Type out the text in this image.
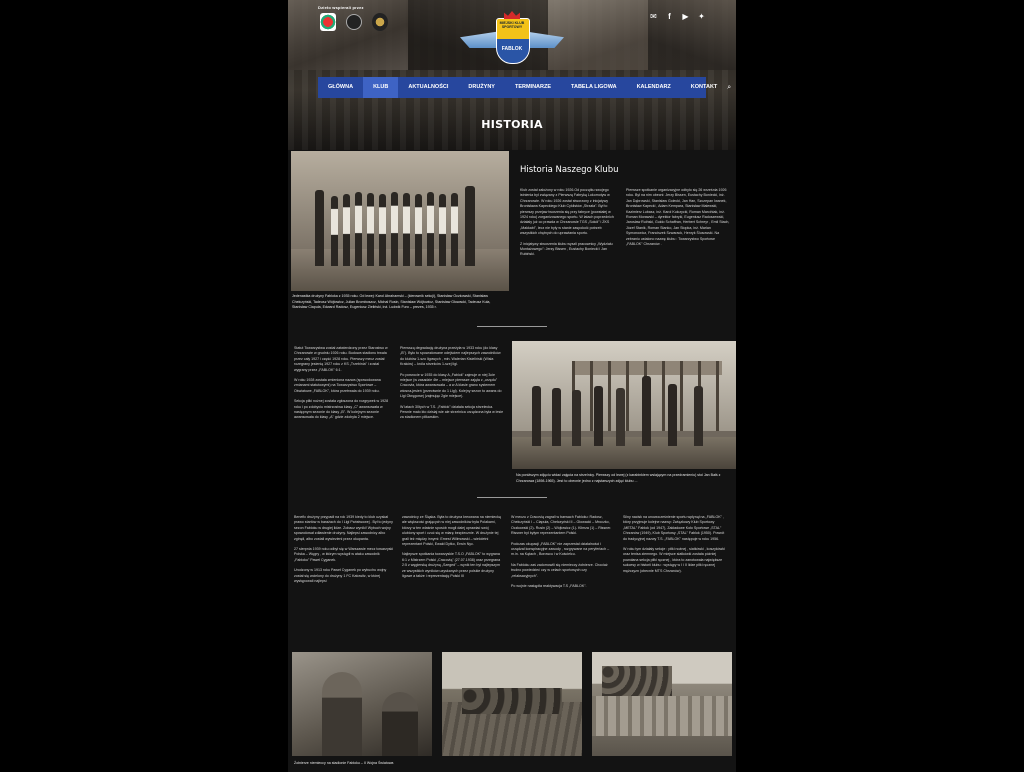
Dzieło wspierali przez
✉	f	▶ ✦
MIEJSKI KLUB SPORTOWY
FABLOK
GŁÓWNA	KLUB	AKTUALNOŚCI	DRUŻYNY	TERMINARZE	TABELA LIGOWA	KALENDARZ	KONTAKT	⌕
HISTORIA
Jedenastka drużyny Fabloka z 1935 roku. Od lewej: Karol Abrahamski – (kierownik sekcji), Stanisław Oczkowski, Stanisław Chełczyński, Tadeusz Wójtowicz, Julian Bromboszcz, Michał Rusin, Stanisław Wójtowicz, Stanisław Głowacki, Tadeusz Kula, Stanisław Ciapuła, Edward Radosz, Eugeniusz Zieliński, inż. Ludwik Furo – prezes, 1935 r.
Historia Naszego Klubu

Klub został założony w roku 1926.Od początku swojego istnienia był związany z Pierwszą Fabryką Lokomotyw w Chrzanowie. W roku 1926 został stworzony z inicjatywy Bronisława Kapeckiego Klub Cyklistów „Strzała". Był to pierwszy przejaw tworzenia się przy fabryce (powstałej w 1924 roku) zorganizowanego sportu. W latach poprzednich działały już co prawda w Chrzanowie TGS „Sokół" i ŻKS „Makkabi", lecz nie były w stanie zaspokoić potrzeb wszystkich chętnych do uprawiania sportu.

Z inicjatywy stworzenia klubu wyszli pracownicy „Wydziału Montażowego": Jerzy Bissen , Eustachy Boniecki i Jan Rubiński.

Pierwsze spotkanie organizacyjne odbyło się 26 września 1926 roku. Był na nim obecni: Jerzy Bissen, Eustachy Boniecki, inż. Jan Dąbrowski, Stanisław Golecki, Jan Han, Szczepan Iwanek, Bronisław Kapecki , Adam Kempara, Stanisław Malewski, Kazimierz Lubasz, inż. Karol Kulczycki, Roman Marcińiak, inż. Roman Morawski – dyrektor fabryki, Eugeniusz Radoszewski, Jarosław Rulński, Guido Schaffran, Herbert Schreyr , Emil Stach, Józef Stanik, Roman Stanko, Jan Stopka, inż. Marian Symonowicz, Franciszek Szwarack, Henryk Ślusowski. Na zebraniu ustalono nazwę klubu : Towarzystwo Sportowe „FABLOK" Chrzanów .

Statut Towarzystwa został zatwierdzony przez Starostwo w Chrzanowie w grudniu 1926 roku. Budowa stadionu trwała przez cały 1927 i część 1928 roku. Pierwszy mecz został rozegrany jesienią 1927 roku z KS „Trzebinia" i został wygrany przez „FABLOK" 6:1.

W roku 1928 została zmieniona nazwa (spowodowana zmianami statutowymi) na Towarzystwo Sportowe – Oświatowe „FABLOK", która przetrwała do 1939 roku.

Sekcja piłki nożnej została zgłoszona do rozgrywek w 1928 roku i po zdobyciu mistrzostwa klasy „C" awansowała w następnym sezonie do klasy „B". W kolejnym sezonie awansowała do klasy „A" gdzie zdobyła 2 miejsce.

Pierwszą degradację drużyna przeżyła w 1933 roku (do klasy „B"). Było to spowodowane odejściem najlepszych zawodników do klubów 1-szo ligowych , min. Walerian Kisieliński (Wisła Kraków) – króla strzelców 1-szej ligi.

Po powrocie w 1935 do klasy A „Fablok" zajmuje w niej 3cie miejsce (w zasadzie 4te – miejsce pierwsze zajęła z „urzędu" Cracovia, która awansowała – a w A klasie grano systemem wiosna-jesień (przeciwnie do 1 Ligi). Kolejny sezon to awans do Ligi Okręgowej (zajmując 2gie miejsce).

W latach 30tych w T.S. „Fablok" działała sekcja strzelecka. Pewnie mało kto dzisiaj wie ale strzelnica urządzona była w lesie za stadionem piłkarskim.

Na poniższym zdjęciu widać zajęcia na strzelnicy. Pierwszy od lewej (z karabinkiem wsiającym na przedramieniu) stoi Jan Bałś z Chrzanowa (1898-1965). Jest to obecnie jedno z najstarszych zdjęć klubu ...

Benefic drużyny przypadł na rok 1939 kiedy to klub uzyskał prawo startów w barażach do I Ligi Państwowej . Był to jedyny sezon Fabloku w drugiej lidze. Zobacz wyniki! Wybuch wojny spowodował zdławienie drużyny. Najlepsi zawodnicy albo zginęli, albo zostali wywiezieni przez okupanta.

27 sierpnia 1939 roku odbył się w Warszawie mecz towarzyski Polska – Węgry , w którym wystąpił w ataku zawodnik „Fabloku" Paweł Cyganek.

Urodzony w 1913 roku Paweł Cyganek po wybuchu wojny został się wcielony do drużyny 1 FC Katowitz, w której występowali najlepsi

zawodnicy ze Śląska. Była to drużyna kreowana na niemiecką ale większość grających w niej zawodników była Polakami, którzy w ten właśnie sposób mogli dalej uprawiać swój ulubiony sport i czuć się w miarę bezpiecznie. W drużynie tej grali też między innymi: Ernest Wilimowski – wieloletni reprezentant Polski, Ewald Dytko, Erwin Nyc.

Najlepsze spotkania towarzyskie T.S.O „FABLOK" to wygrana 6:1 z Mistrzem Polski „Cracovią" (27.07.1938) oraz przegrana 2:5 z węgierską drużyną „Szeged" – wynik ten był najlepszym ze wszystkich wyników uzyskanych przez polskie drużyny ligowe a także i reprezentację Polski III

W meczu z Cracovią zagrali w barwach Fabloku: Radosz, Chełczyński I – Ciapuła, Chełczyński II – Głowacki – Mroczko, Oczkowski (2)- Rusin (2) – Wójtowicz (1)- Klimza (1) – Rissner. Rissner był byłym reprezentantem Polski.

Podczas okupacji „FABLOK" nie zaprzestał działalności i urządzał konspiracyjne zawody , rozgrywane na peryferiach – m.in. na Kątach , Borowcu i w Kościelcu.

Na Fabloku zaś zadomowili się niemieccy żołnierze. Chociaż trudno powiedzieć czy w celach sportowych czy „relaksacyjnych".

Po wojnie nastąpiła reaktywacja T.S „FABLOK".

Silny nacisk na unowocześnienie sportu wpłynął na „FABLOK" , który przyjmuje kolejne nazwy: Związkowy Klub Sportowy „METAL" Fablok (od 1947), Zakładowe Koło Sportowe „STAL" Chrzanów (1949), Klub Sportowy „STAL" Fablok (1950). Powrót do tradycyjnej nazwy T.S. „FABLOK" następuje w roku 1956.

W roku tym działały sekcje : piłki nożnej , siatkówki , koszykówki oraz tenisa ziemnego. W miejsce siatkówki została później powołana sekcja piłki ręcznej , która to zanotowała największe sukcesy w historii klubu : wystąpy w I i II lidze piłki ręcznej mężczyzn (obecnie MTS Chrzanów).

Żołnierze niemieccy na stadionie Fabloku – II Wojna Światowa
